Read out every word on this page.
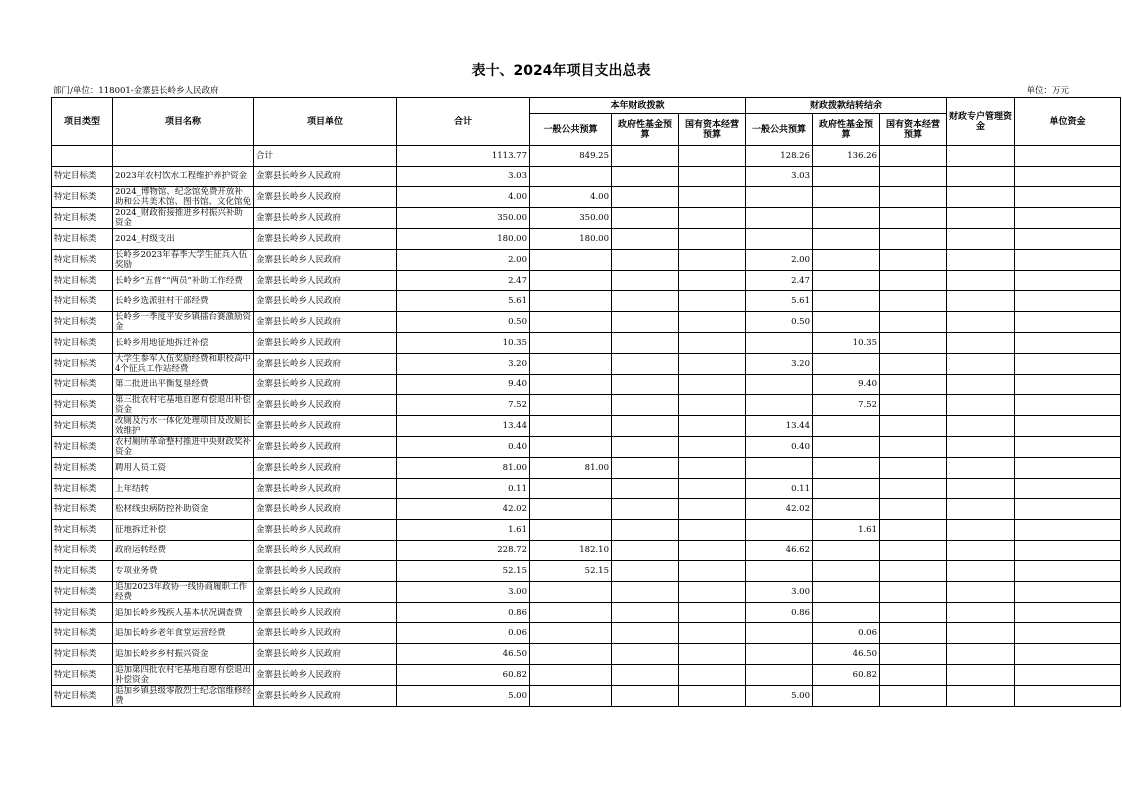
表十、2024年项目支出总表
部门/单位：118001-金寨县长岭乡人民政府	单位：万元
项目类型	项目名称	项目单位	合计	本年财政拨款			财政拨款结转结余			财政专户管理资金	单位资金
				一般公共预算	政府性基金预算	国有资本经营预算	一般公共预算	政府性基金预算	国有资本经营预算		
		合计	1113.77	849.25			128.26	136.26			
特定目标类	2023年农村饮水工程维护养护资金	金寨县长岭乡人民政府	3.03				3.03				
特定目标类	2024_博物馆、纪念馆免费开放补助和公共美术馆、图书馆、文化馆免	金寨县长岭乡人民政府	4.00	4.00							
特定目标类	2024_财政衔接推进乡村振兴补助资金	金寨县长岭乡人民政府	350.00	350.00							
特定目标类	2024_村级支出	金寨县长岭乡人民政府	180.00	180.00							
特定目标类	长岭乡2023年春季大学生征兵入伍奖励	金寨县长岭乡人民政府	2.00				2.00				
特定目标类	长岭乡“五普”“两员”补助工作经费	金寨县长岭乡人民政府	2.47				2.47				
特定目标类	长岭乡选派驻村干部经费	金寨县长岭乡人民政府	5.61				5.61				
特定目标类	长岭乡一季度平安乡镇擂台赛激励资金	金寨县长岭乡人民政府	0.50				0.50				
特定目标类	长岭乡用地征地拆迁补偿	金寨县长岭乡人民政府	10.35					10.35			
特定目标类	大学生参军入伍奖励经费和职校高中4个征兵工作站经费	金寨县长岭乡人民政府	3.20				3.20				
特定目标类	第二批进出平衡复垦经费	金寨县长岭乡人民政府	9.40					9.40			
特定目标类	第三批农村宅基地自愿有偿退出补偿资金	金寨县长岭乡人民政府	7.52					7.52			
特定目标类	改厕及污水一体化处理项目及改厕长效维护	金寨县长岭乡人民政府	13.44				13.44				
特定目标类	农村厕所革命整村推进中央财政奖补资金	金寨县长岭乡人民政府	0.40				0.40				
特定目标类	聘用人员工资	金寨县长岭乡人民政府	81.00	81.00							
特定目标类	上年结转	金寨县长岭乡人民政府	0.11				0.11				
特定目标类	松材线虫病防控补助资金	金寨县长岭乡人民政府	42.02				42.02				
特定目标类	征地拆迁补偿	金寨县长岭乡人民政府	1.61					1.61			
特定目标类	政府运转经费	金寨县长岭乡人民政府	228.72	182.10			46.62				
特定目标类	专项业务费	金寨县长岭乡人民政府	52.15	52.15							
特定目标类	追加2023年政协一线协商履职工作经费	金寨县长岭乡人民政府	3.00				3.00				
特定目标类	追加长岭乡残疾人基本状况调查费	金寨县长岭乡人民政府	0.86				0.86				
特定目标类	追加长岭乡老年食堂运营经费	金寨县长岭乡人民政府	0.06					0.06			
特定目标类	追加长岭乡乡村振兴资金	金寨县长岭乡人民政府	46.50					46.50			
特定目标类	追加第四批农村宅基地自愿有偿退出补偿资金	金寨县长岭乡人民政府	60.82					60.82			
特定目标类	追加乡镇县级零散烈士纪念馆维修经费	金寨县长岭乡人民政府	5.00				5.00				
